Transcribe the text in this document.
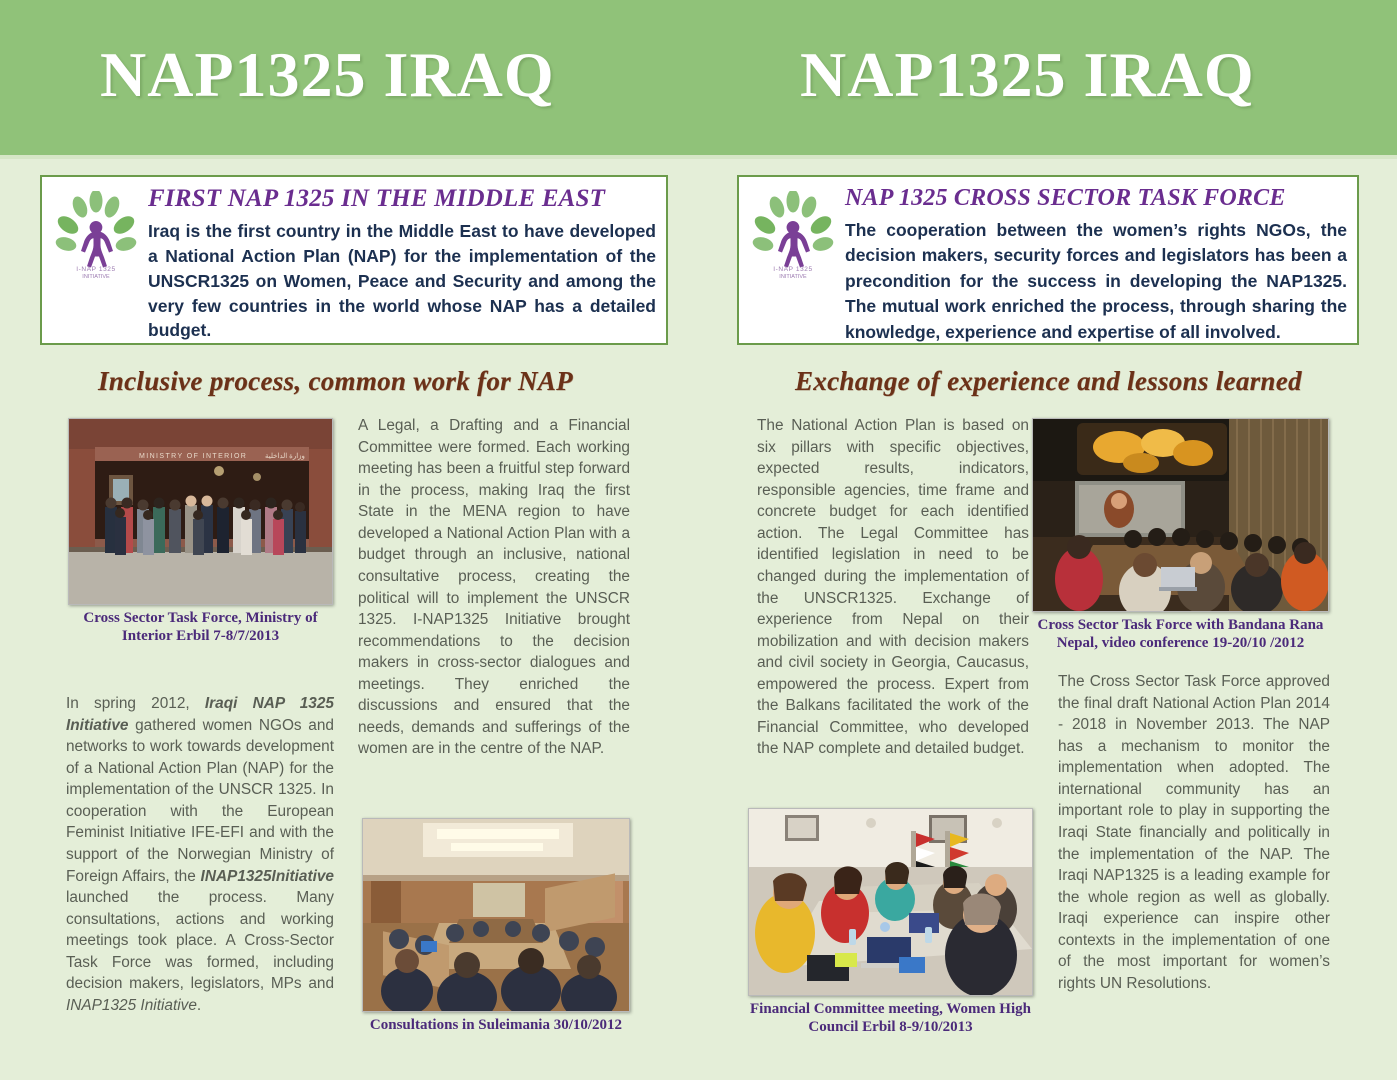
NAP1325 IRAQ	NAP1325 IRAQ
I-NAP 1325
INITIATIVE
FIRST NAP 1325 IN THE MIDDLE EAST
Iraq is the first country in the Middle East to have developed a National Action Plan (NAP) for the implementation of the UNSCR1325 on Women, Peace and Security and among the very few countries in the world whose NAP has a detailed budget.
I-NAP 1325
INITIATIVE
NAP 1325 CROSS SECTOR TASK FORCE
The cooperation between the women’s rights NGOs, the decision makers, security forces and legislators has been a precondition for the success in developing the NAP1325. The mutual work enriched the process, through sharing the knowledge, experience and expertise of all involved.
Inclusive process, common work for NAP	Exchange of experience and lessons learned
MINISTRY OF INTERIOR	وزارة الداخلية
Cross Sector Task Force, Ministry of Interior Erbil 7-8/7/2013
Consultations in Suleimania 30/10/2012
Cross Sector Task Force with Bandana Rana Nepal, video conference 19-20/10 /2012
Financial Committee meeting, Women High Council Erbil 8-9/10/2013
In spring 2012, Iraqi NAP 1325 Initiative gathered women NGOs and networks to work towards development of a National Action Plan (NAP) for the implementation of the UNSCR 1325. In cooperation with the European Feminist Initiative IFE-EFI and with the support of the Norwegian Ministry of Foreign Affairs, the INAP1325Initiative launched the process. Many consultations, actions and working meetings took place. A Cross-Sector Task Force was formed, including decision makers, legislators, MPs and INAP1325 Initiative.
A Legal, a Drafting and a Financial Committee were formed. Each working meeting has been a fruitful step forward in the process, making Iraq the first State in the MENA region to have developed a National Action Plan with a budget through an inclusive, national consultative process, creating the political will to implement the UNSCR 1325. I-NAP1325 Initiative brought recommendations to the decision makers in cross-sector dialogues and meetings. They enriched the discussions and ensured that the needs, demands and sufferings of the women are in the centre of the NAP.
The National Action Plan is based on six pillars with specific objectives, expected results, indicators, responsible agencies, time frame and concrete budget for each identified action. The Legal Committee has identified legislation in need to be changed during the implementation of the UNSCR1325. Exchange of experience from Nepal on their mobilization and with decision makers and civil society in Georgia, Caucasus, empowered the process. Expert from the Balkans facilitated the work of the Financial Committee, who developed the NAP complete and detailed budget.
The Cross Sector Task Force approved the final draft National Action Plan 2014 - 2018 in November 2013. The NAP has a mechanism to monitor the implementation when adopted. The international community has an important role to play in supporting the Iraqi State financially and politically in the implementation of the NAP. The Iraqi NAP1325 is a leading example for the whole region as well as globally. Iraqi experience can inspire other contexts in the implementation of one of the most important for women’s rights UN Resolutions.
